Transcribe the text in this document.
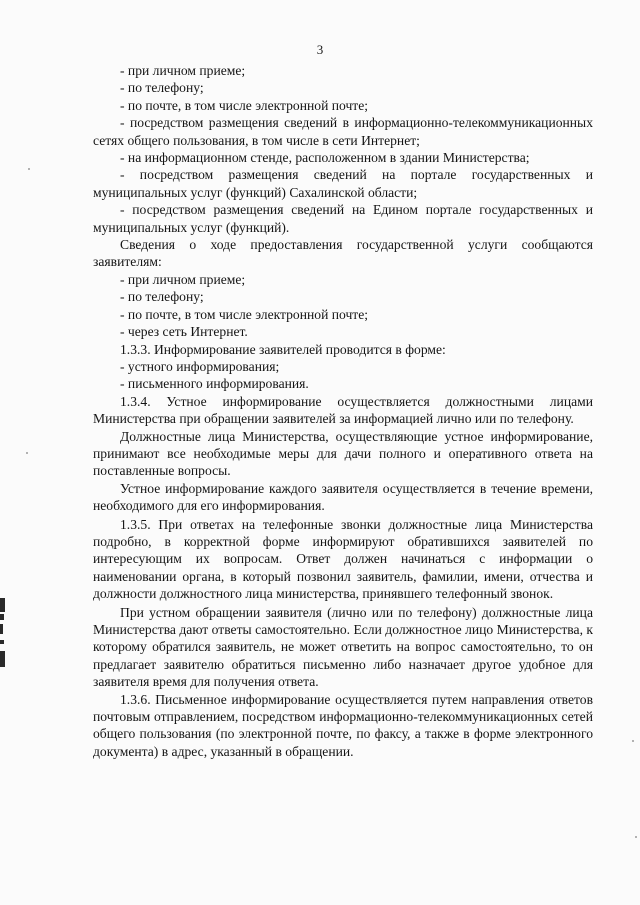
3

- при личном приеме;

- по телефону;

- по почте, в том числе электронной почте;

- посредством размещения сведений в информационно-телекоммуникационных сетях общего пользования, в том числе в сети Интернет;

- на информационном стенде, расположенном в здании Министерства;

- посредством размещения сведений на портале государственных и муниципальных услуг (функций) Сахалинской области;

- посредством размещения сведений на Едином портале государственных и муниципальных услуг (функций).

Сведения о ходе предоставления государственной услуги сообщаются заявителям:

- при личном приеме;

- по телефону;

- по почте, в том числе электронной почте;

- через сеть Интернет.

1.3.3. Информирование заявителей проводится в форме:

- устного информирования;

- письменного информирования.

1.3.4. Устное информирование осуществляется должностными лицами Министерства при обращении заявителей за информацией лично или по телефону.

Должностные лица Министерства, осуществляющие устное информирование, принимают все необходимые меры для дачи полного и оперативного ответа на поставленные вопросы.

Устное информирование каждого заявителя осуществляется в течение времени, необходимого для его информирования.

1.3.5. При ответах на телефонные звонки должностные лица Министерства подробно, в корректной форме информируют обратившихся заявителей по интересующим их вопросам. Ответ должен начинаться с информации о наименовании органа, в который позвонил заявитель, фамилии, имени, отчества и должности должностного лица министерства, принявшего телефонный звонок.

При устном обращении заявителя (лично или по телефону) должностные лица Министерства дают ответы самостоятельно. Если должностное лицо Министерства, к которому обратился заявитель, не может ответить на вопрос самостоятельно, то он предлагает заявителю обратиться письменно либо назначает другое удобное для заявителя время для получения ответа.

1.3.6. Письменное информирование осуществляется путем направления ответов почтовым отправлением, посредством информационно-телекоммуникационных сетей общего пользования (по электронной почте, по факсу, а также в форме электронного документа) в адрес, указанный в обращении.
